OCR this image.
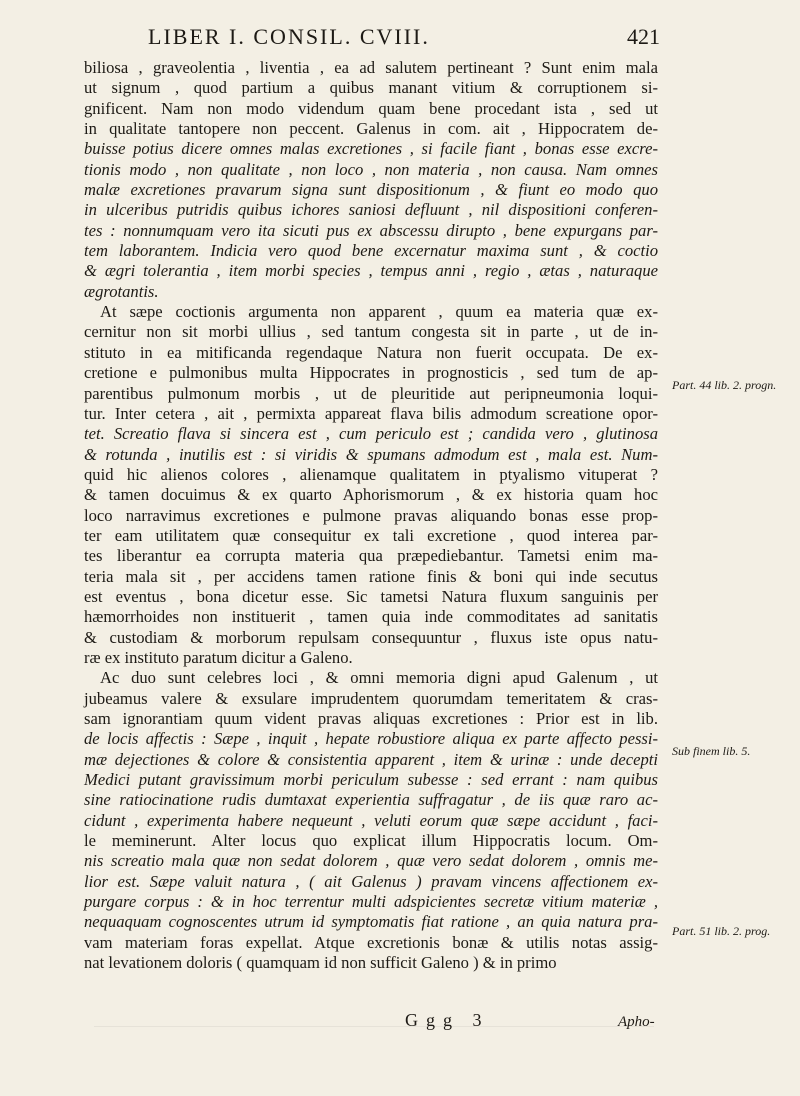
LIBER I. CONSIL. CVIII.	421
biliosa , graveolentia , liventia , ea ad salutem pertineant ? Sunt enim mala
ut signum , quod partium a quibus manant vitium & corruptionem si-
gnificent. Nam non modo videndum quam bene procedant ista , sed ut
in qualitate tantopere non peccent. Galenus in com. ait , Hippocratem de-
buisse potius dicere omnes malas excretiones , si facile fiant , bonas esse excre-
tionis modo , non qualitate , non loco , non materia , non causa. Nam omnes
malæ excretiones pravarum signa sunt dispositionum , & fiunt eo modo quo
in ulceribus putridis quibus ichores saniosi defluunt , nil dispositioni conferen-
tes : nonnumquam vero ita sicuti pus ex abscessu dirupto , bene expurgans par-
tem laborantem. Indicia vero quod bene excernatur maxima sunt , & coctio
& ægri tolerantia , item morbi species , tempus anni , regio , ætas , naturaque
ægrotantis.
At sæpe coctionis argumenta non apparent , quum ea materia quæ ex-
cernitur non sit morbi ullius , sed tantum congesta sit in parte , ut de in-
stituto in ea mitificanda regendaque Natura non fuerit occupata. De ex-
cretione e pulmonibus multa Hippocrates in prognosticis , sed tum de ap-
parentibus pulmonum morbis , ut de pleuritide aut peripneumonia loqui-
tur. Inter cetera , ait , permixta appareat flava bilis admodum screatione opor-
tet. Screatio flava si sincera est , cum periculo est ; candida vero , glutinosa
& rotunda , inutilis est : si viridis & spumans admodum est , mala est. Num-
quid hic alienos colores , alienamque qualitatem in ptyalismo vituperat ?
& tamen docuimus & ex quarto Aphorismorum , & ex historia quam hoc
loco narravimus excretiones e pulmone pravas aliquando bonas esse prop-
ter eam utilitatem quæ consequitur ex tali excretione , quod interea par-
tes liberantur ea corrupta materia qua præpediebantur. Tametsi enim ma-
teria mala sit , per accidens tamen ratione finis & boni qui inde secutus
est eventus , bona dicetur esse. Sic tametsi Natura fluxum sanguinis per
hæmorrhoides non instituerit , tamen quia inde commoditates ad sanitatis
& custodiam & morborum repulsam consequuntur , fluxus iste opus natu-
ræ ex instituto paratum dicitur a Galeno.
Ac duo sunt celebres loci , & omni memoria digni apud Galenum , ut
jubeamus valere & exsulare imprudentem quorumdam temeritatem & cras-
sam ignorantiam quum vident pravas aliquas excretiones : Prior est in lib.
de locis affectis : Sæpe , inquit , hepate robustiore aliqua ex parte affecto pessi-
mæ dejectiones & colore & consistentia apparent , item & urinæ : unde decepti
Medici putant gravissimum morbi periculum subesse : sed errant : nam quibus
sine ratiocinatione rudis dumtaxat experientia suffragatur , de iis quæ raro ac-
cidunt , experimenta habere nequeunt , veluti eorum quæ sæpe accidunt , faci-
le meminerunt. Alter locus quo explicat illum Hippocratis locum. Om-
nis screatio mala quæ non sedat dolorem , quæ vero sedat dolorem , omnis me-
lior est. Sæpe valuit natura , ( ait Galenus ) pravam vincens affectionem ex-
purgare corpus : & in hoc terrentur multi adspicientes secretæ vitium materiæ ,
nequaquam cognoscentes utrum id symptomatis fiat ratione , an quia natura pra-
vam materiam foras expellat. Atque excretionis bonæ & utilis notas assig-
nat levationem doloris ( quamquam id non sufficit Galeno ) & in primo
Part. 44 lib. 2. progn.
Sub finem lib. 5.
Part. 51 lib. 2. prog.
Ggg 3	Apho-
